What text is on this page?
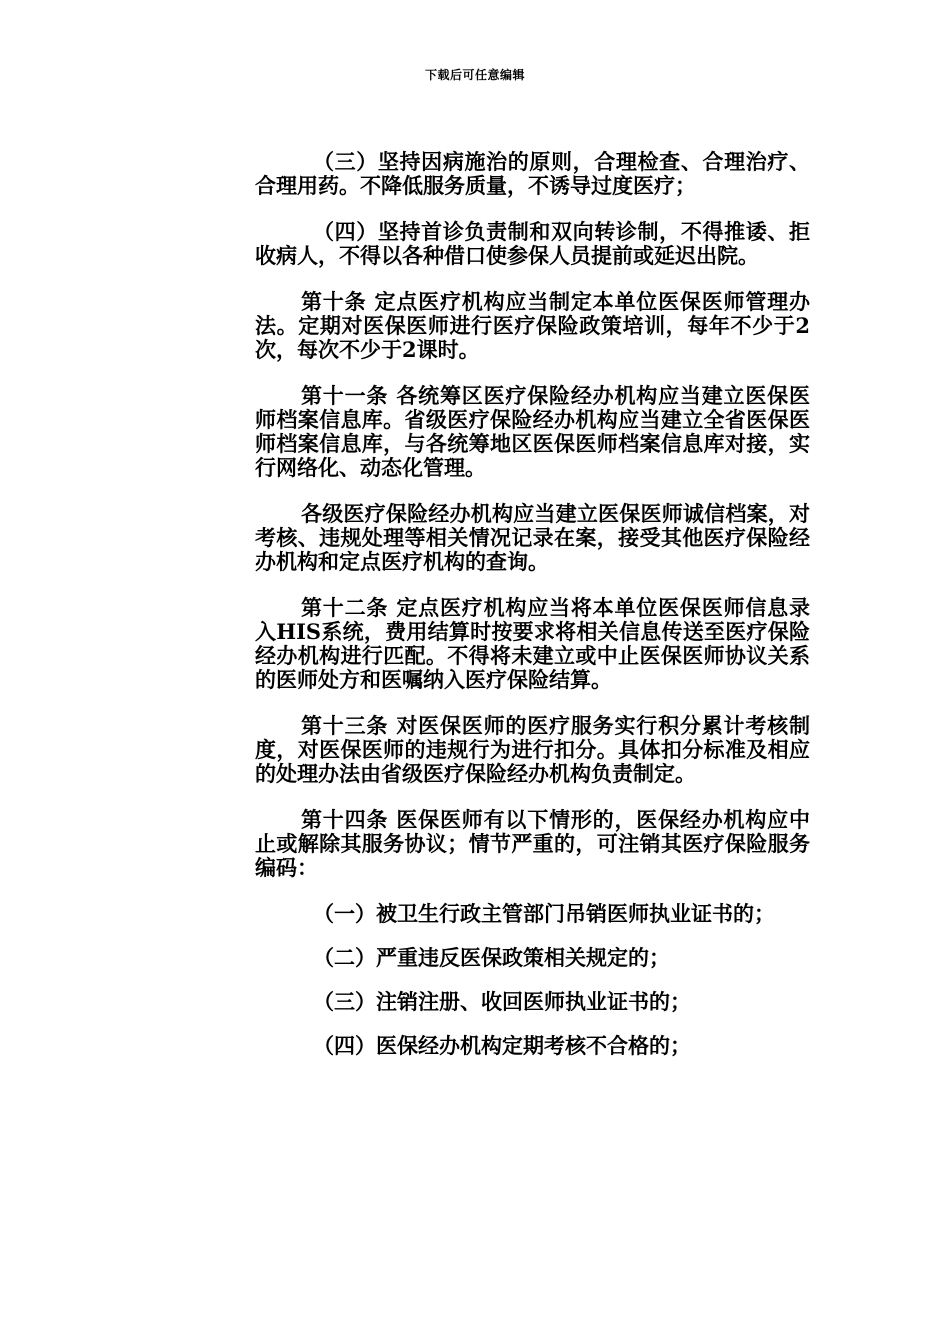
下载后可任意编辑

（三）坚持因病施治的原则，合理检查、合理治疗、合理用药。不降低服务质量，不诱导过度医疗；

（四）坚持首诊负责制和双向转诊制，不得推诿、拒收病人，不得以各种借口使参保人员提前或延迟出院。

第十条 定点医疗机构应当制定本单位医保医师管理办法。定期对医保医师进行医疗保险政策培训，每年不少于2次，每次不少于2课时。

第十一条 各统筹区医疗保险经办机构应当建立医保医师档案信息库。省级医疗保险经办机构应当建立全省医保医师档案信息库，与各统筹地区医保医师档案信息库对接，实行网络化、动态化管理。

各级医疗保险经办机构应当建立医保医师诚信档案，对考核、违规处理等相关情况记录在案，接受其他医疗保险经办机构和定点医疗机构的查询。

第十二条 定点医疗机构应当将本单位医保医师信息录入HIS系统，费用结算时按要求将相关信息传送至医疗保险经办机构进行匹配。不得将未建立或中止医保医师协议关系的医师处方和医嘱纳入医疗保险结算。

第十三条 对医保医师的医疗服务实行积分累计考核制度，对医保医师的违规行为进行扣分。具体扣分标准及相应的处理办法由省级医疗保险经办机构负责制定。

第十四条 医保医师有以下情形的，医保经办机构应中止或解除其服务协议；情节严重的，可注销其医疗保险服务编码：

（一）被卫生行政主管部门吊销医师执业证书的；

（二）严重违反医保政策相关规定的；

（三）注销注册、收回医师执业证书的；

（四）医保经办机构定期考核不合格的；
